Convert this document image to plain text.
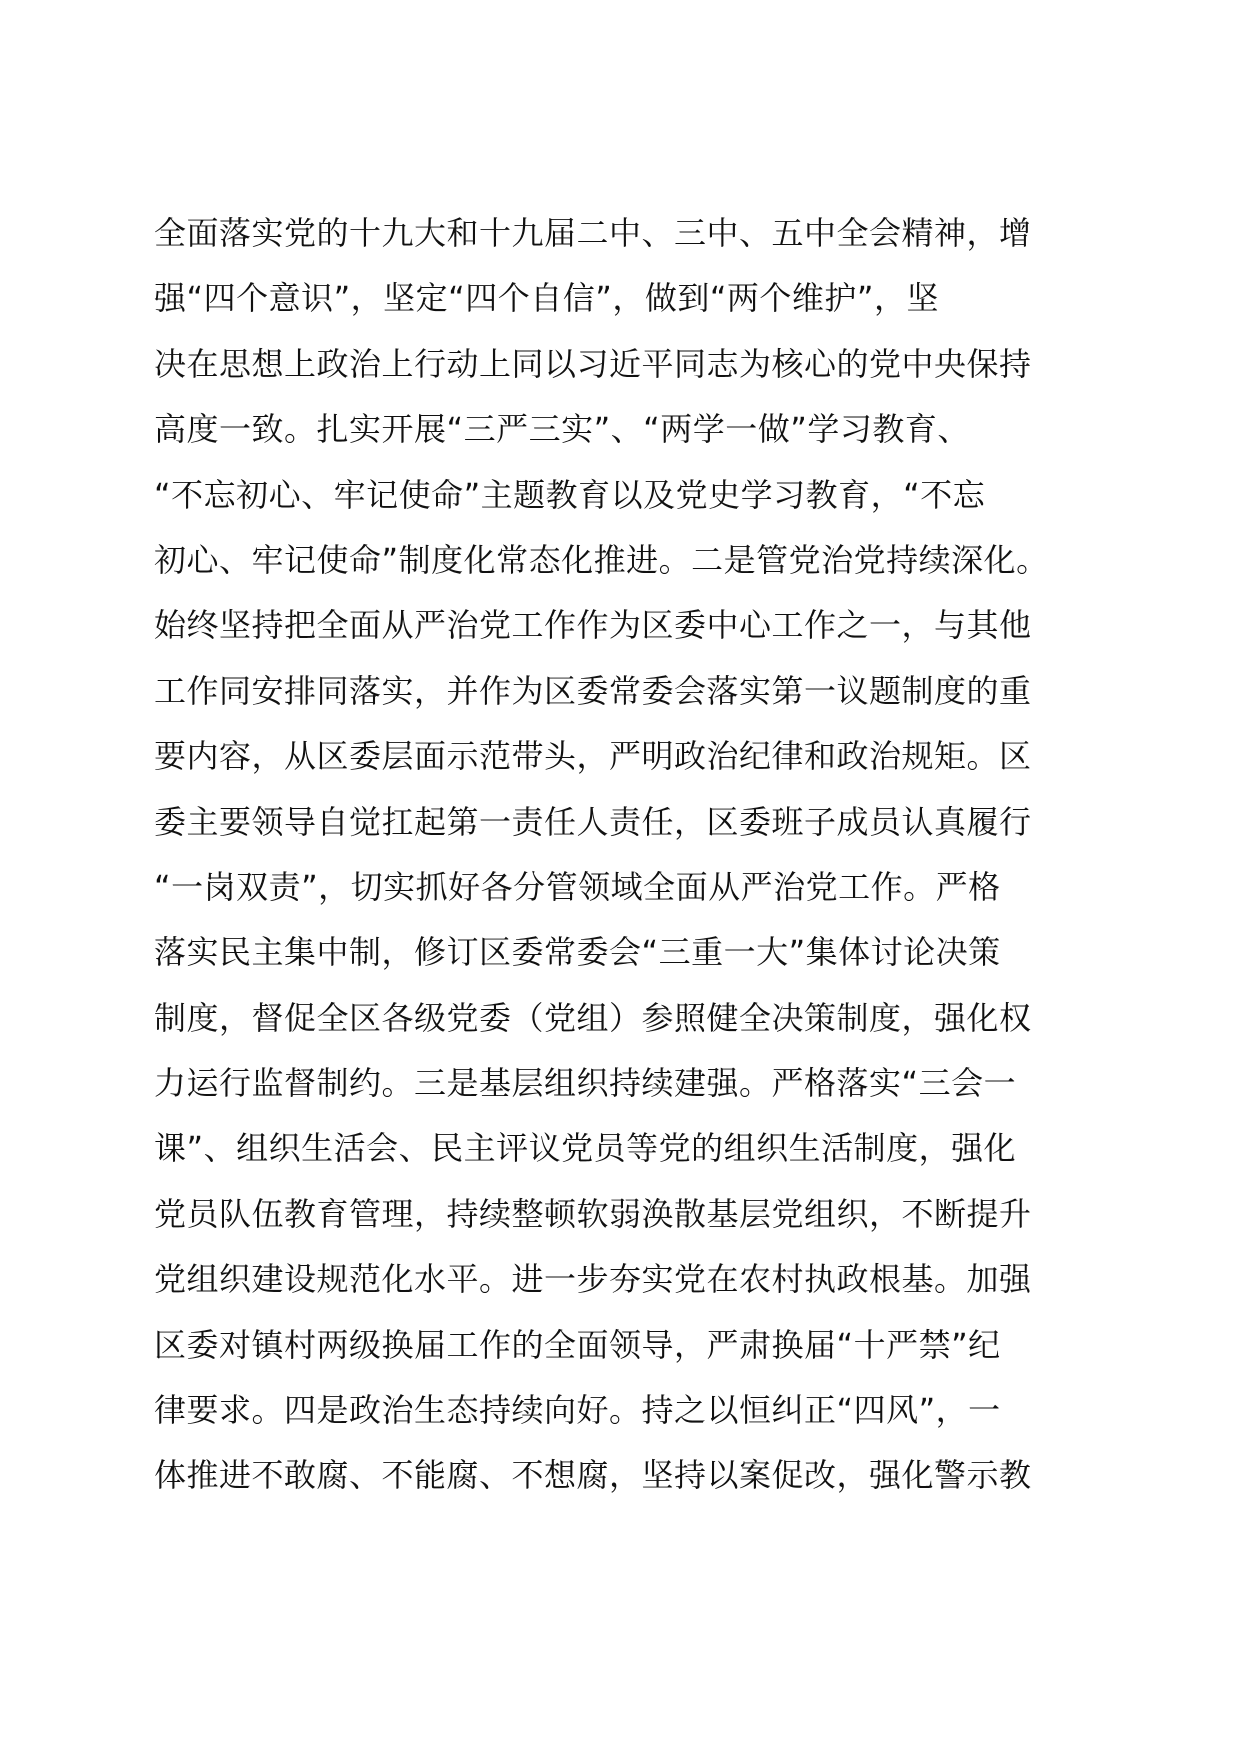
全面落实党的十九大和十九届二中、三中、五中全会精神，增
强“四个意识”，坚定“四个自信”，做到“两个维护”，坚
决在思想上政治上行动上同以习近平同志为核心的党中央保持
高度一致。扎实开展“三严三实”、“两学一做”学习教育、
“不忘初心、牢记使命”主题教育以及党史学习教育，“不忘
初心、牢记使命”制度化常态化推进。二是管党治党持续深化。
始终坚持把全面从严治党工作作为区委中心工作之一，与其他
工作同安排同落实，并作为区委常委会落实第一议题制度的重
要内容，从区委层面示范带头，严明政治纪律和政治规矩。区
委主要领导自觉扛起第一责任人责任，区委班子成员认真履行
“一岗双责”，切实抓好各分管领域全面从严治党工作。严格
落实民主集中制，修订区委常委会“三重一大”集体讨论决策
制度，督促全区各级党委（党组）参照健全决策制度，强化权
力运行监督制约。三是基层组织持续建强。严格落实“三会一
课”、组织生活会、民主评议党员等党的组织生活制度，强化
党员队伍教育管理，持续整顿软弱涣散基层党组织，不断提升
党组织建设规范化水平。进一步夯实党在农村执政根基。加强
区委对镇村两级换届工作的全面领导，严肃换届“十严禁”纪
律要求。四是政治生态持续向好。持之以恒纠正“四风”，一
体推进不敢腐、不能腐、不想腐，坚持以案促改，强化警示教
